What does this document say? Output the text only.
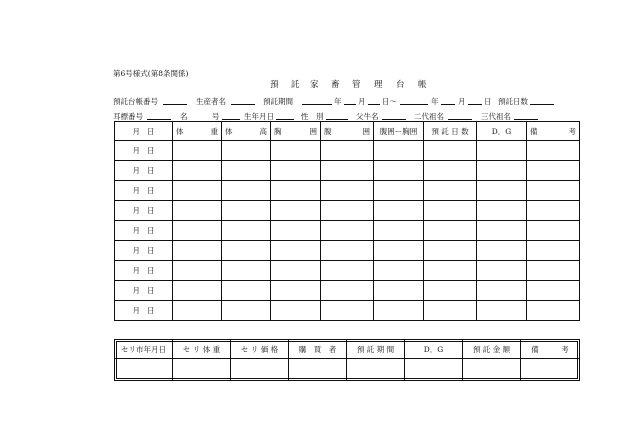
第6号様式(第8条関係)
預 託 家 畜 管 理 台 帳
預託台帳番号	生産者名	預託期間	年 月 日〜	年	月 日 預託日数
耳標番号	名	号	生年月日	性 別	父牛名	二代祖名	三代祖名
月 日	体 重	体 高	胸 囲	腹 囲	腹囲ー胸囲	預 託 日 数	D．G	備 考

月 日								

月 日								

月 日								

月 日								

月 日								

月 日								

月 日								

月 日								

月 日								

セリ市年月日	セ リ 体 重	セ リ 価 格	購　買　者	預 託 期 間	D．G	預 託 金 額	備　　　考
